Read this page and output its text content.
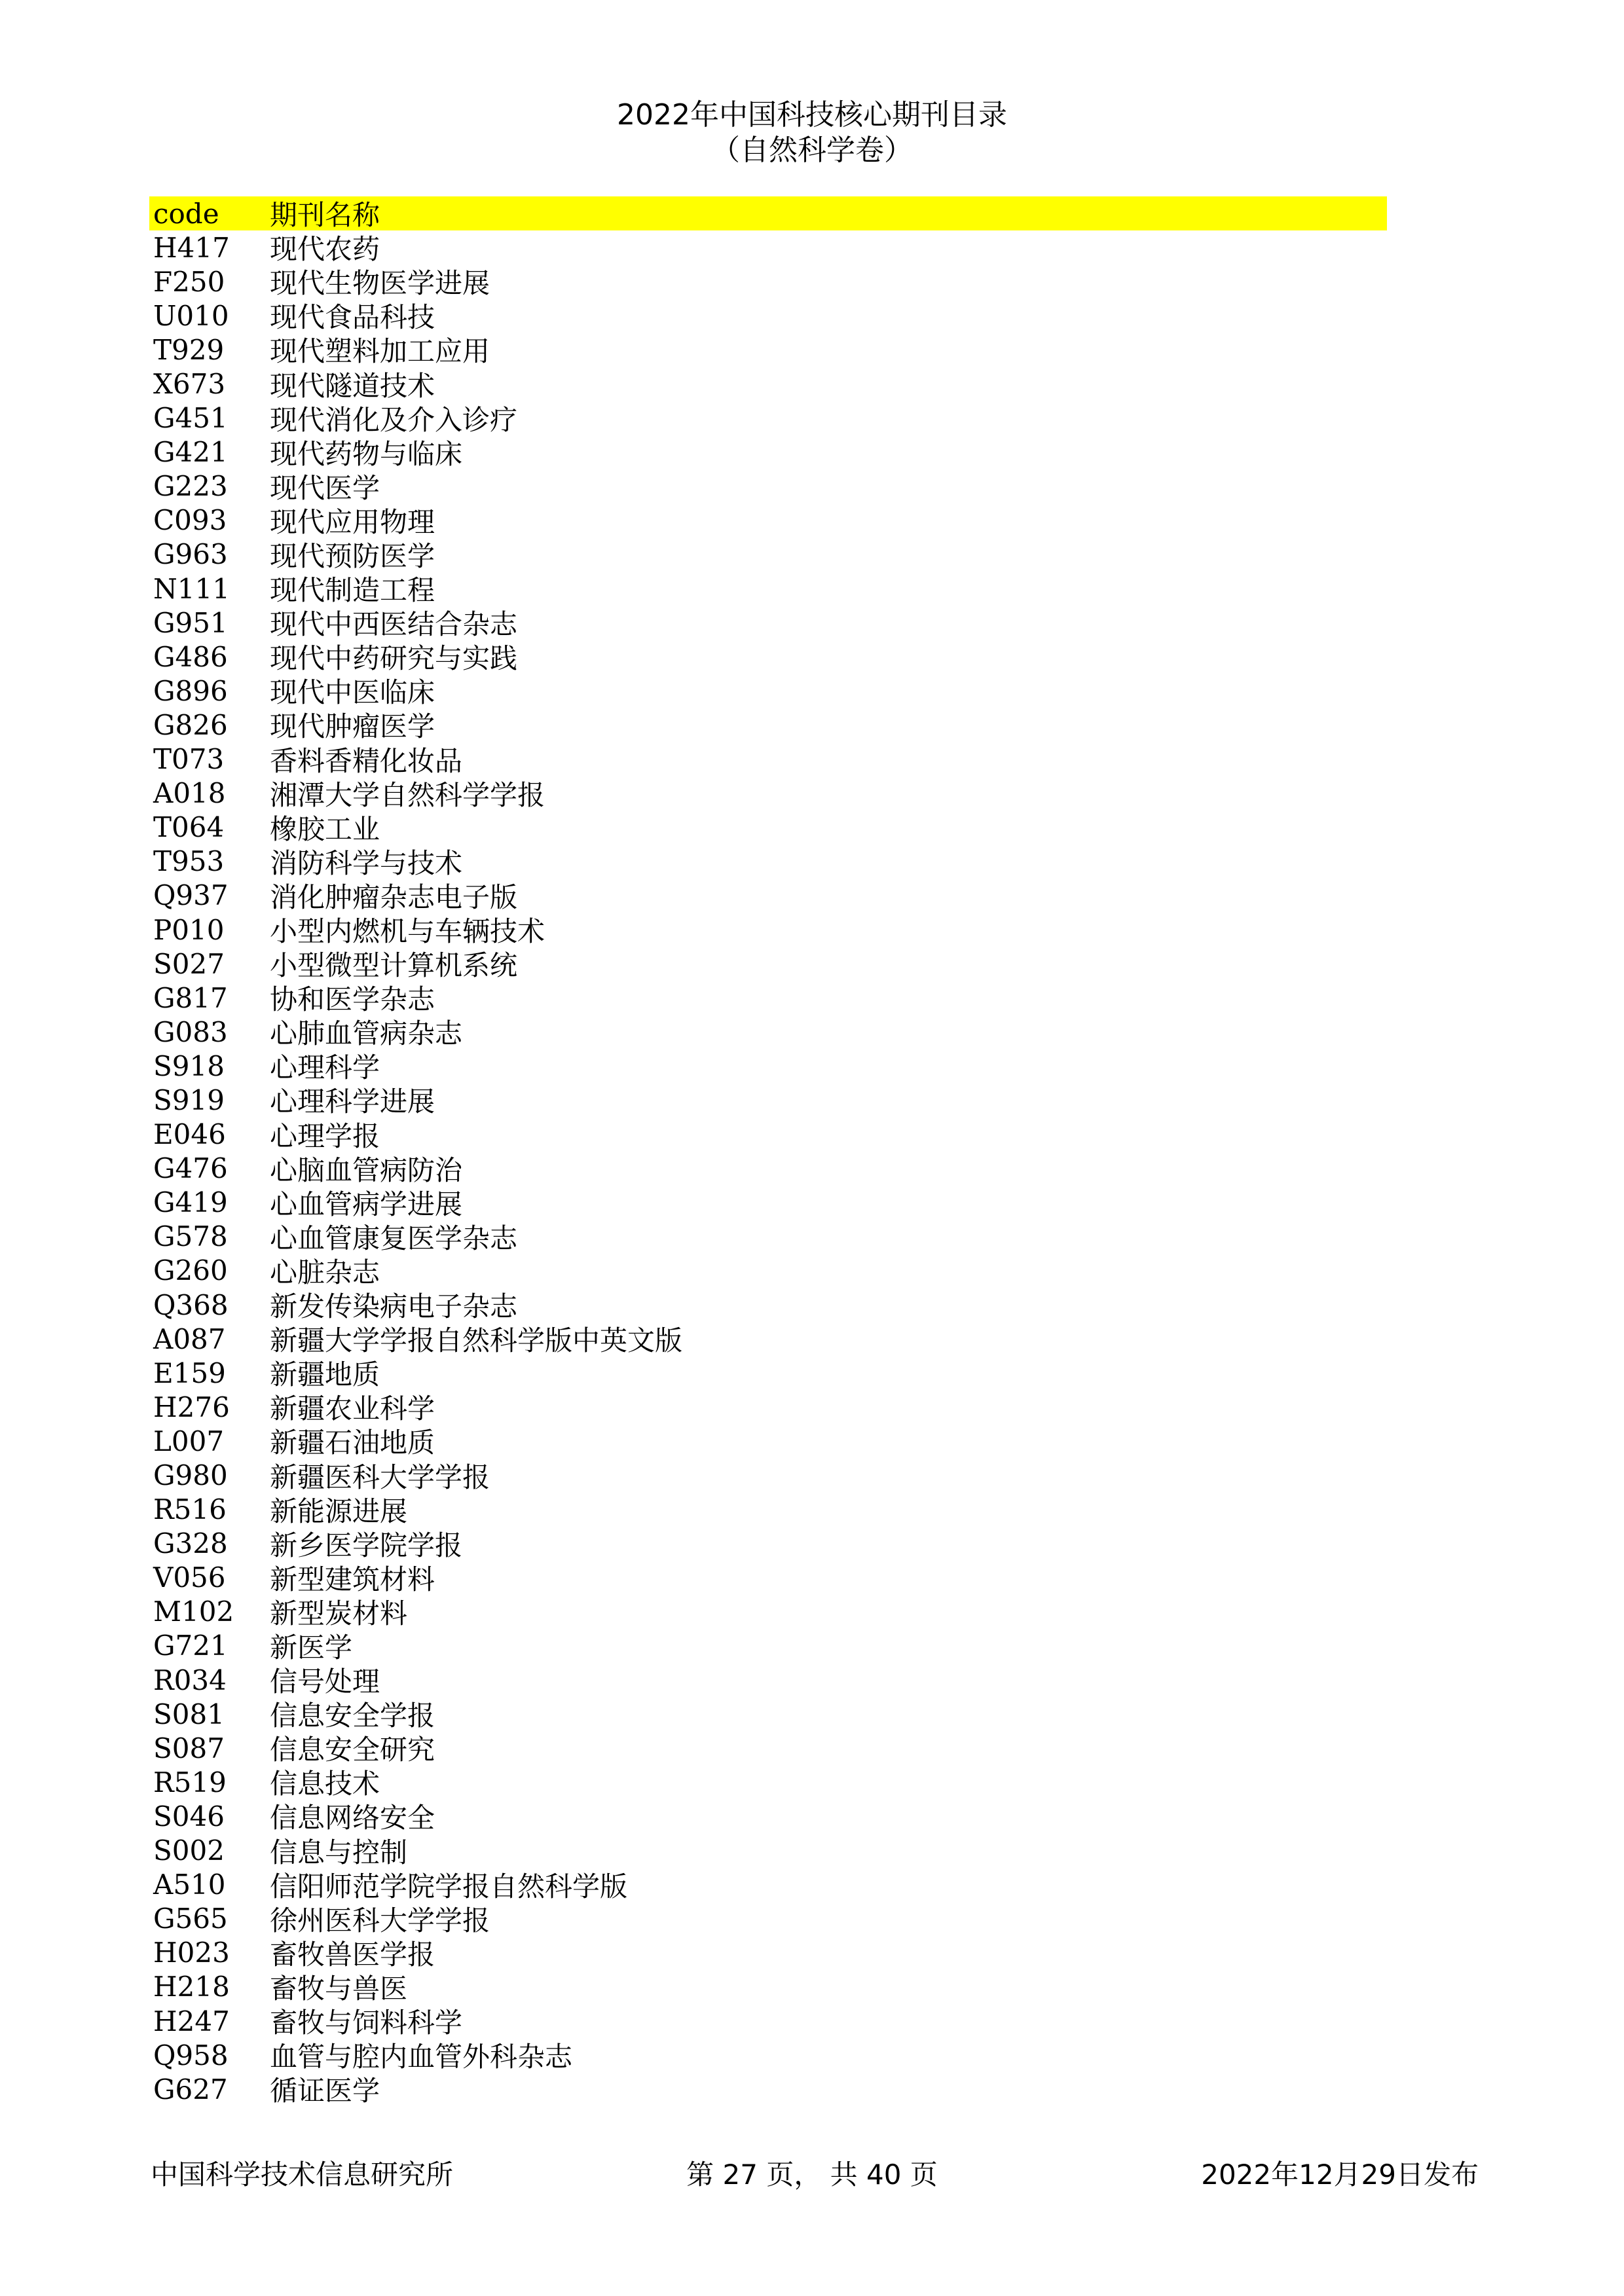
2022年中国科技核心期刊目录
（自然科学卷）
code	期刊名称
H417	现代农药
F250	现代生物医学进展
U010	现代食品科技
T929	现代塑料加工应用
X673	现代隧道技术
G451	现代消化及介入诊疗
G421	现代药物与临床
G223	现代医学
C093	现代应用物理
G963	现代预防医学
N111	现代制造工程
G951	现代中西医结合杂志
G486	现代中药研究与实践
G896	现代中医临床
G826	现代肿瘤医学
T073	香料香精化妆品
A018	湘潭大学自然科学学报
T064	橡胶工业
T953	消防科学与技术
Q937	消化肿瘤杂志电子版
P010	小型内燃机与车辆技术
S027	小型微型计算机系统
G817	协和医学杂志
G083	心肺血管病杂志
S918	心理科学
S919	心理科学进展
E046	心理学报
G476	心脑血管病防治
G419	心血管病学进展
G578	心血管康复医学杂志
G260	心脏杂志
Q368	新发传染病电子杂志
A087	新疆大学学报自然科学版中英文版
E159	新疆地质
H276	新疆农业科学
L007	新疆石油地质
G980	新疆医科大学学报
R516	新能源进展
G328	新乡医学院学报
V056	新型建筑材料
M102	新型炭材料
G721	新医学
R034	信号处理
S081	信息安全学报
S087	信息安全研究
R519	信息技术
S046	信息网络安全
S002	信息与控制
A510	信阳师范学院学报自然科学版
G565	徐州医科大学学报
H023	畜牧兽医学报
H218	畜牧与兽医
H247	畜牧与饲料科学
Q958	血管与腔内血管外科杂志
G627	循证医学
中国科学技术信息研究所	第 27 页， 共 40 页	2022年12月29日发布
